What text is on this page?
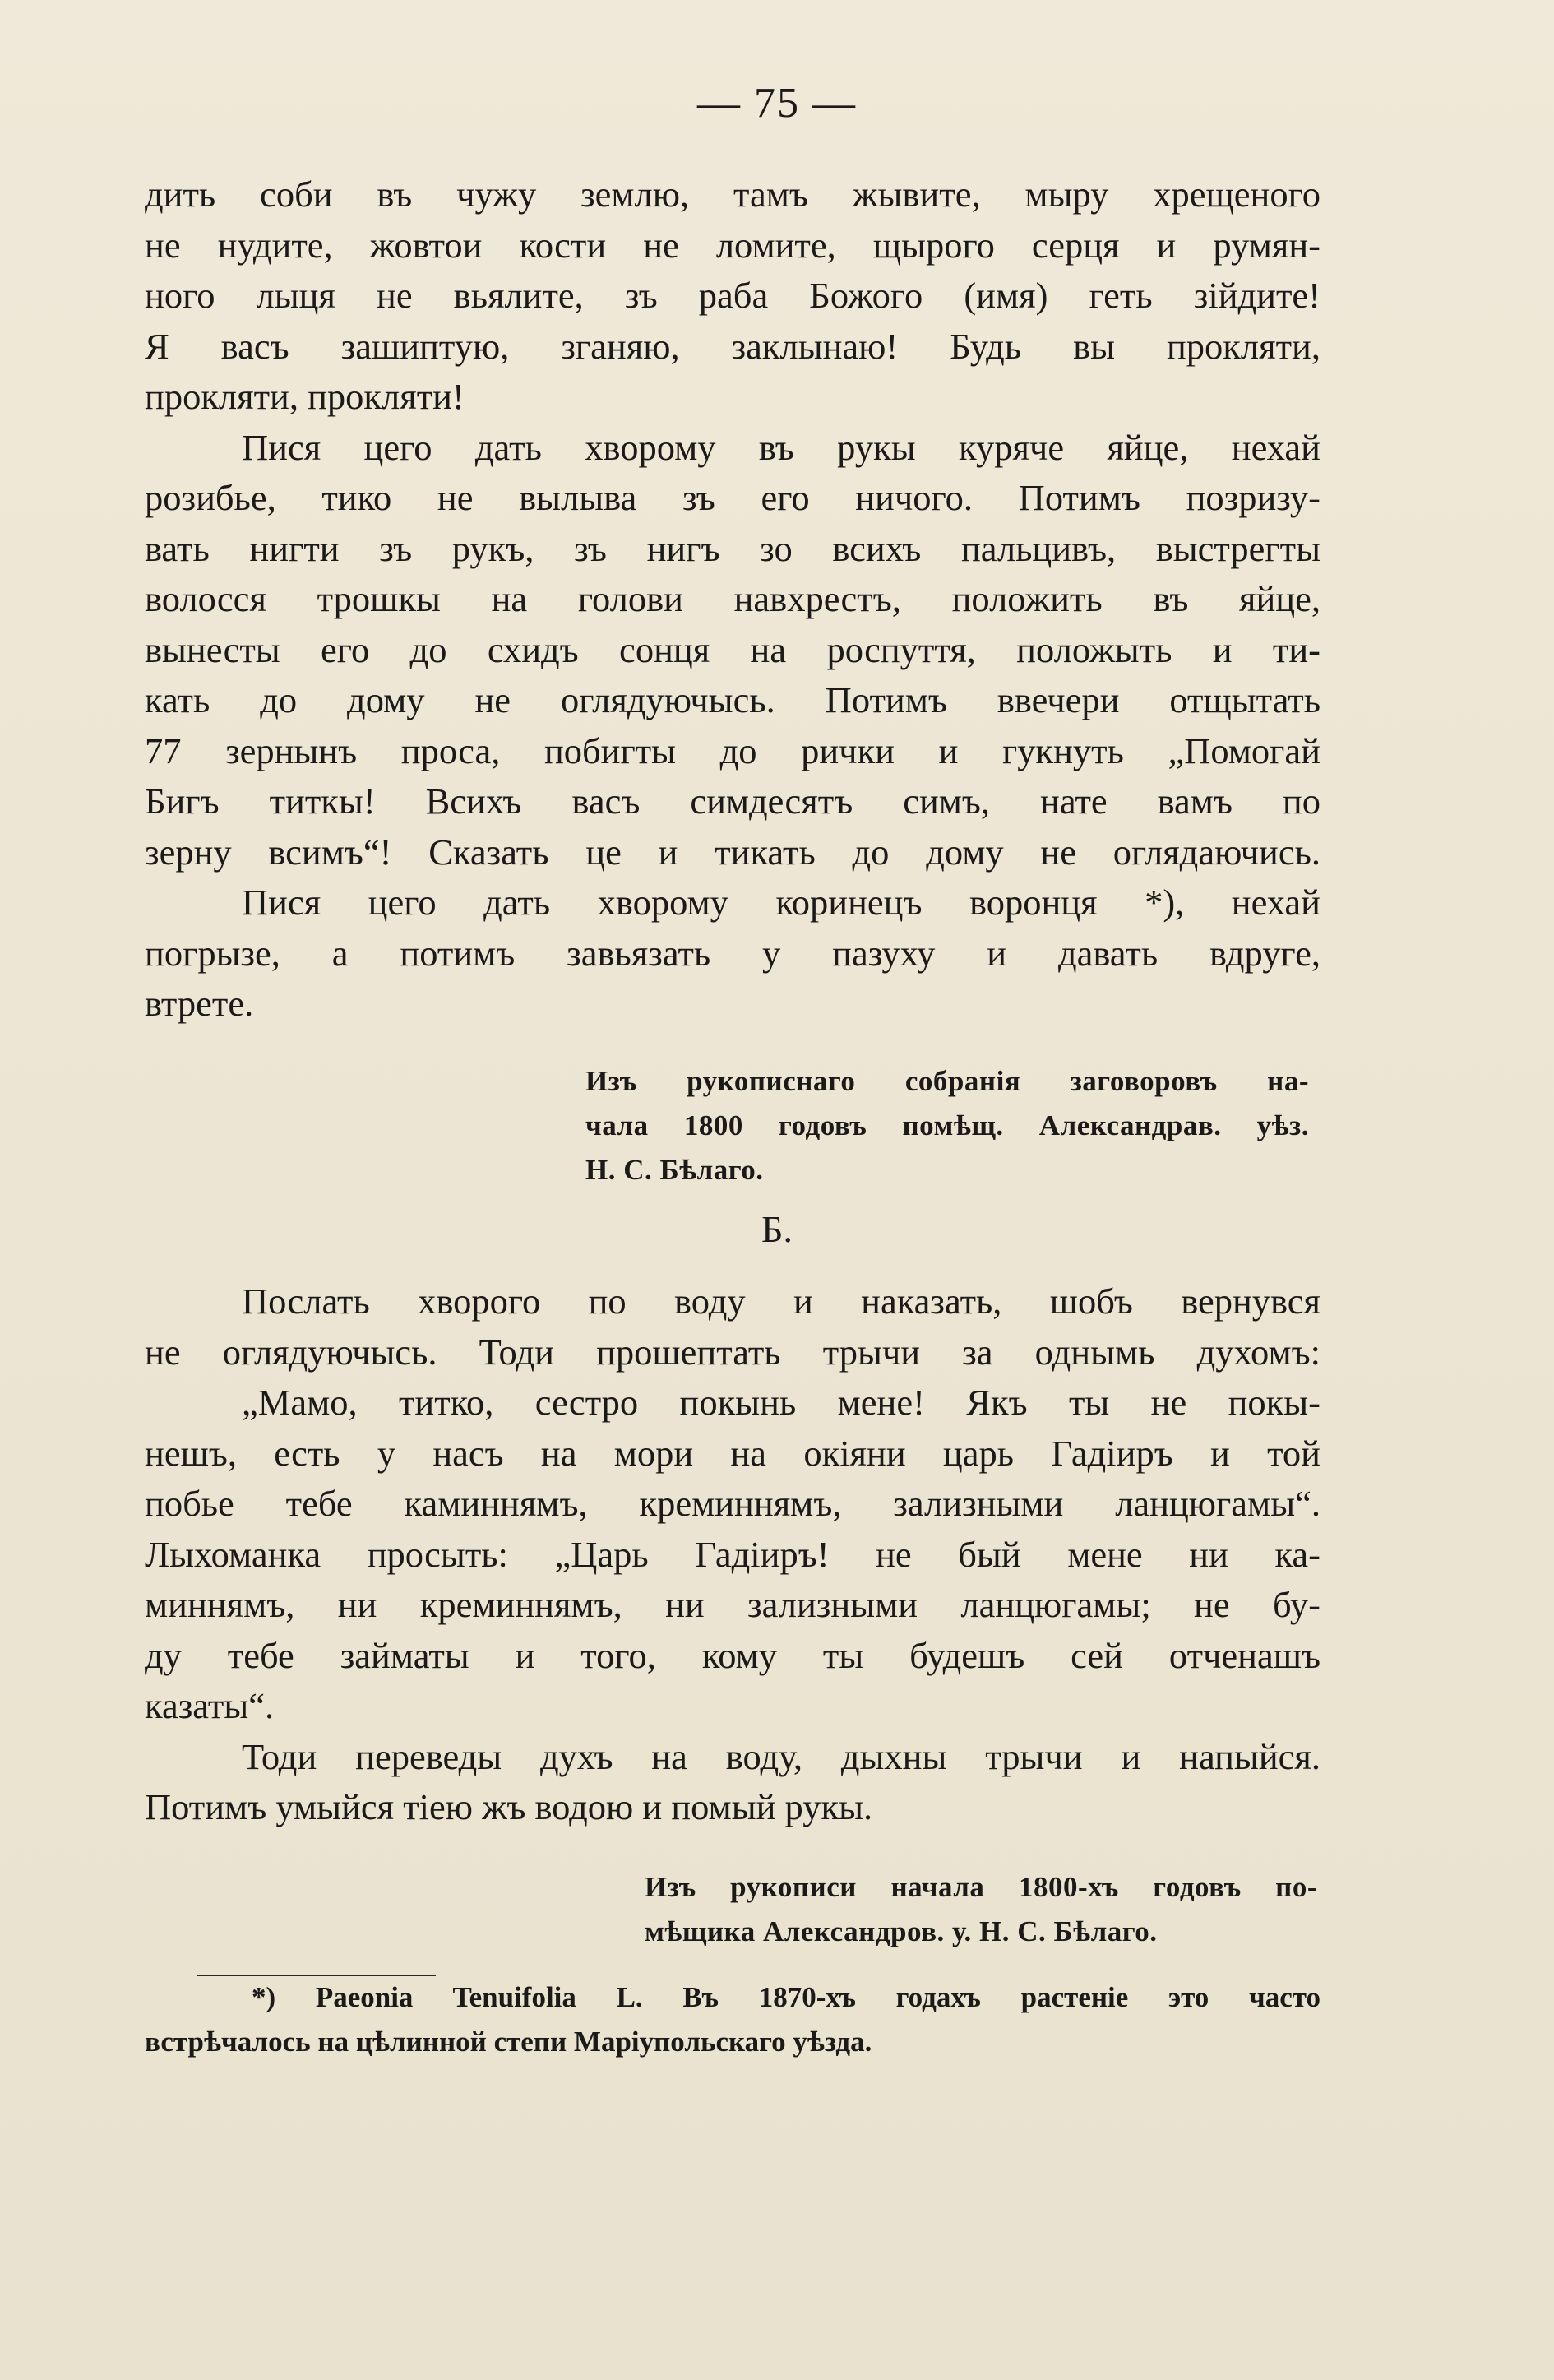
— 75 —
дить соби въ чужу землю, тамъ жывите, мыру хрещеного
не нудите, жовтои кости не ломите, щырого серця и румян-
ного лыця не вьялите, зъ раба Божого (имя) геть зійдите!
Я васъ зашиптую, зганяю, заклынаю! Будь вы прокляти,
прокляти, прокляти!
Пися цего дать хворому въ рукы куряче яйце, нехай
розибье, тико не вылыва зъ его ничого. Потимъ позризу-
вать нигти зъ рукъ, зъ нигъ зо всихъ пальцивъ, выстрегты
волосся трошкы на голови навхрестъ, положить въ яйце,
вынесты его до схидъ сонця на роспуття, положыть и ти-
кать до дому не оглядуючысь. Потимъ ввечери отщытать
77 зернынъ проса, побигты до рички и гукнуть „Помогай
Бигъ титкы! Всихъ васъ симдесятъ симъ, нате вамъ по
зерну всимъ“! Сказать це и тикать до дому не оглядаючись.
Пися цего дать хворому коринецъ воронця *), нехай
погрызе, а потимъ завьязать у пазуху и давать вдруге,
втрете.
Изъ рукописнаго собранія заговоровъ на-
чала 1800 годовъ помѣщ. Александрав. уѣз.
Н. С. Бѣлаго.
Б.
Послать хворого по воду и наказать, шобъ вернувся
не оглядуючысь. Тоди прошептать трычи за однымь духомъ:
„Мамо, титко, сестро покынь мене! Якъ ты не покы-
нешъ, есть у насъ на мори на окіяни царь Гадіиръ и той
побье тебе каминнямъ, креминнямъ, зализными ланцюгамы“.
Лыхоманка просыть: „Царь Гадіиръ! не бый мене ни ка-
миннямъ, ни креминнямъ, ни зализными ланцюгамы; не бу-
ду тебе займаты и того, кому ты будешъ сей отченашъ
казаты“.
Тоди переведы духъ на воду, дыхны трычи и напыйся.
Потимъ умыйся тіею жъ водою и помый рукы.
Изъ рукописи начала 1800-хъ годовъ по-
мѣщика Александров. у. Н. С. Бѣлаго.
*) Paeonia Tenuifolia L. Въ 1870-хъ годахъ растеніе это часто
встрѣчалось на цѣлинной степи Маріупольскаго уѣзда.
